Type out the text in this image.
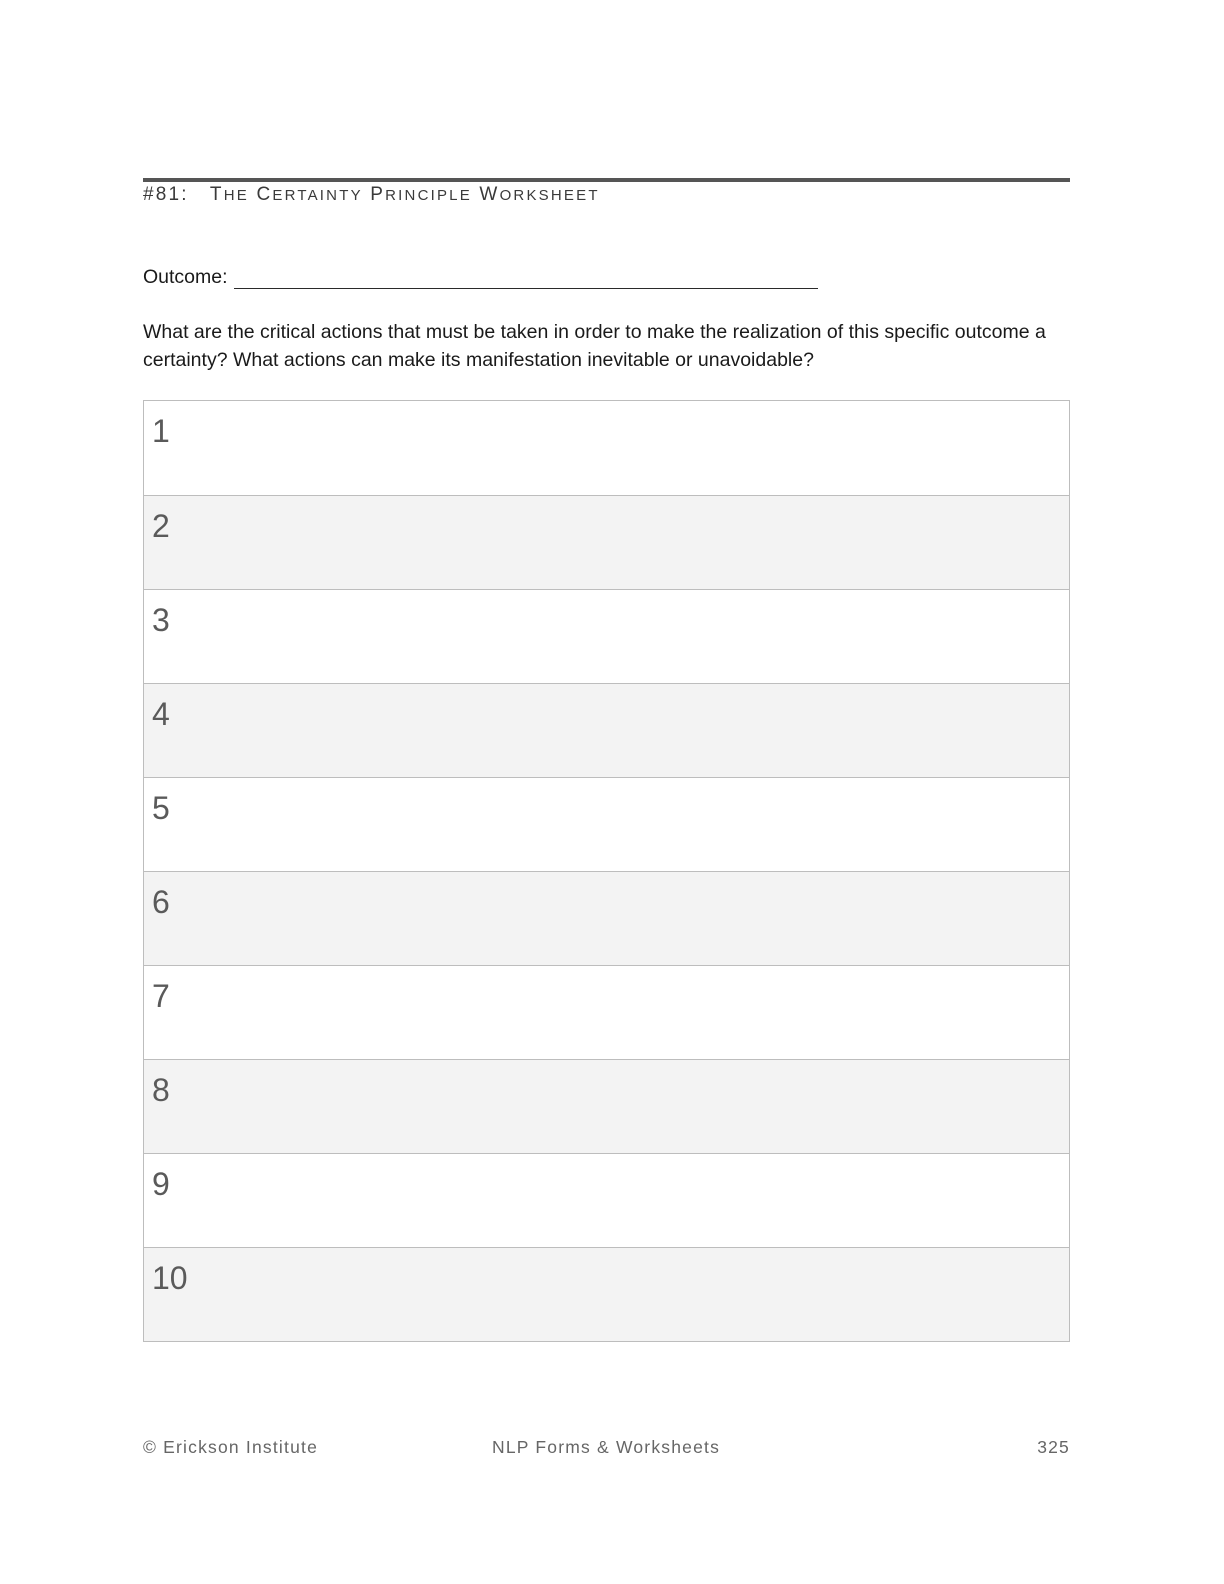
#81: THE CERTAINTY PRINCIPLE WORKSHEET
Outcome:
What are the critical actions that must be taken in order to make the realization of this specific outcome a certainty? What actions can make its manifestation inevitable or unavoidable?
1
2
3
4
5
6
7
8
9
10
© Erickson Institute	NLP Forms & Worksheets	325
